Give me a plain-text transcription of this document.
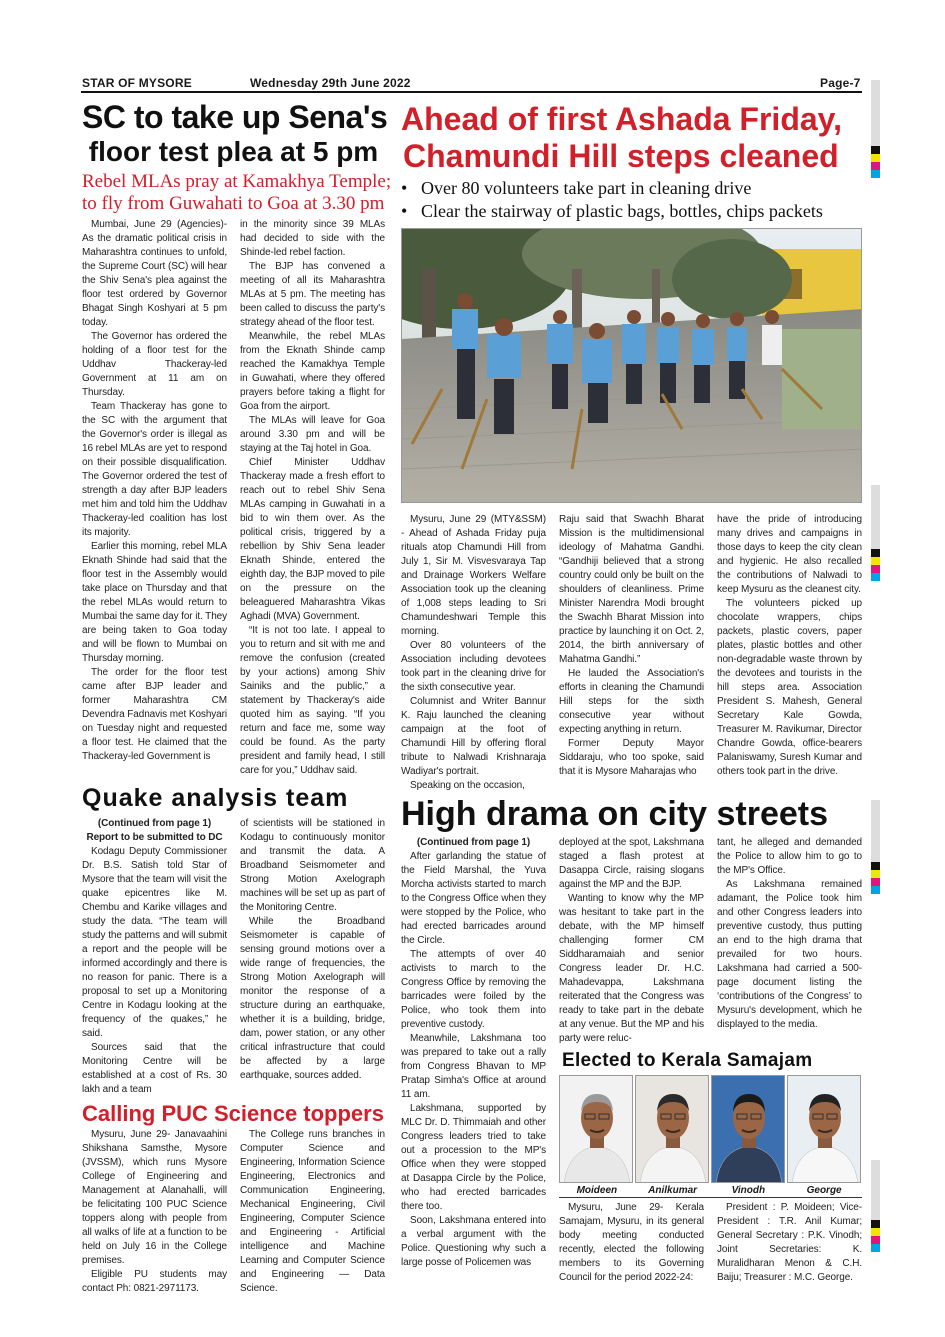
STAR OF MYSORE	Wednesday 29th June 2022	Page-7
SC to take up Sena's
floor test plea at 5 pm
Rebel MLAs pray at Kamakhya Temple;
to fly from Guwahati to Goa at 3.30 pm

Mumbai, June 29 (Agencies)- As the dramatic political crisis in Maharashtra continues to unfold, the Supreme Court (SC) will hear the Shiv Sena's plea against the floor test ordered by Governor Bhagat Singh Koshyari at 5 pm today.

The Governor has ordered the holding of a floor test for the Uddhav Thackeray-led Government at 11 am on Thursday.

Team Thackeray has gone to the SC with the argument that the Governor's order is illegal as 16 rebel MLAs are yet to respond on their possible disqualification. The Governor ordered the test of strength a day after BJP leaders met him and told him the Uddhav Thackeray-led coalition has lost its majority.

Earlier this morning, rebel MLA Eknath Shinde had said that the floor test in the Assembly would take place on Thursday and that the rebel MLAs would return to Mumbai the same day for it. They are being taken to Goa today and will be flown to Mumbai on Thursday morning.

The order for the floor test came after BJP leader and former Maharashtra CM Devendra Fadnavis met Koshyari on Tuesday night and requested a floor test. He claimed that the Thackeray-led Government is

in the minority since 39 MLAs had decided to side with the Shinde-led rebel faction.

The BJP has convened a meeting of all its Maharashtra MLAs at 5 pm. The meeting has been called to discuss the party's strategy ahead of the floor test.

Meanwhile, the rebel MLAs from the Eknath Shinde camp reached the Kamakhya Temple in Guwahati, where they offered prayers before taking a flight for Goa from the airport.

The MLAs will leave for Goa around 3.30 pm and will be staying at the Taj hotel in Goa.

Chief Minister Uddhav Thackeray made a fresh effort to reach out to rebel Shiv Sena MLAs camping in Guwahati in a bid to win them over. As the political crisis, triggered by a rebellion by Shiv Sena leader Eknath Shinde, entered the eighth day, the BJP moved to pile on the pressure on the beleaguered Maharashtra Vikas Aghadi (MVA) Government.

“It is not too late. I appeal to you to return and sit with me and remove the confusion (created by your actions) among Shiv Sainiks and the public,” a statement by Thackeray's aide quoted him as saying. “If you return and face me, some way could be found. As the party president and family head, I still care for you,” Uddhav said.

Quake analysis team

(Continued from page 1)

Report to be submitted to DC

Kodagu Deputy Commissioner Dr. B.S. Satish told Star of Mysore that the team will visit the quake epicentres like M. Chembu and Karike villages and study the data. “The team will study the patterns and will submit a report and the people will be informed accordingly and there is no reason for panic. There is a proposal to set up a Monitoring Centre in Kodagu looking at the frequency of the quakes,” he said.

Sources said that the Monitoring Centre will be established at a cost of Rs. 30 lakh and a team

of scientists will be stationed in Kodagu to continuously monitor and transmit the data. A Broadband Seismometer and Strong Motion Axelograph machines will be set up as part of the Monitoring Centre.

While the Broadband Seismometer is capable of sensing ground motions over a wide range of frequencies, the Strong Motion Axelograph will monitor the response of a structure during an earthquake, whether it is a building, bridge, dam, power station, or any other critical infrastructure that could be affected by a large earthquake, sources added.

Calling PUC Science toppers

Mysuru, June 29- Janavaahini Shikshana Samsthe, Mysore (JVSSM), which runs Mysore College of Engineering and Management at Alanahalli, will be felicitating 100 PUC Science toppers along with people from all walks of life at a function to be held on July 16 in the College premises.

Eligible PU students may contact Ph: 0821-2971173.

The College runs branches in Computer Science and Engineering, Information Science Engineering, Electronics and Communication Engineering, Mechanical Engineering, Civil Engineering, Computer Science and Engineering - Artificial intelligence and Machine Learning and Computer Science and Engineering — Data Science.

Ahead of first Ashada Friday,
Chamundi Hill steps cleaned
• Over 80 volunteers take part in cleaning drive
• Clear the stairway of plastic bags, bottles, chips packets

Mysuru, June 29 (MTY&SSM) - Ahead of Ashada Friday puja rituals atop Chamundi Hill from July 1, Sir M. Visvesvaraya Tap and Drainage Workers Welfare Association took up the cleaning of 1,008 steps leading to Sri Chamundeshwari Temple this morning.

Over 80 volunteers of the Association including devotees took part in the cleaning drive for the sixth consecutive year.

Columnist and Writer Bannur K. Raju launched the cleaning campaign at the foot of Chamundi Hill by offering floral tribute to Nalwadi Krishnaraja Wadiyar's portrait.

Speaking on the occasion,

Raju said that Swachh Bharat Mission is the multidimensional ideology of Mahatma Gandhi. “Gandhiji believed that a strong country could only be built on the shoulders of cleanliness. Prime Minister Narendra Modi brought the Swachh Bharat Mission into practice by launching it on Oct. 2, 2014, the birth anniversary of Mahatma Gandhi.”

He lauded the Association's efforts in cleaning the Chamundi Hill steps for the sixth consecutive year without expecting anything in return.

Former Deputy Mayor Siddaraju, who too spoke, said that it is Mysore Maharajas who

have the pride of introducing many drives and campaigns in those days to keep the city clean and hygienic. He also recalled the contributions of Nalwadi to keep Mysuru as the cleanest city.

The volunteers picked up chocolate wrappers, chips packets, plastic covers, paper plates, plastic bottles and other non-degradable waste thrown by the devotees and tourists in the hill steps area. Association President S. Mahesh, General Secretary Kale Gowda, Treasurer M. Ravikumar, Director Chandre Gowda, office-bearers Palaniswamy, Suresh Kumar and others took part in the drive.

High drama on city streets

(Continued from page 1)

After garlanding the statue of the Field Marshal, the Yuva Morcha activists started to march to the Congress Office when they were stopped by the Police, who had erected barricades around the Circle.

The attempts of over 40 activists to march to the Congress Office by removing the barricades were foiled by the Police, who took them into preventive custody.

Meanwhile, Lakshmana too was prepared to take out a rally from Congress Bhavan to MP Pratap Simha's Office at around 11 am.

Lakshmana, supported by MLC Dr. D. Thimmaiah and other Congress leaders tried to take out a procession to the MP's Office when they were stopped at Dasappa Circle by the Police, who had erected barricades there too.

Soon, Lakshmana entered into a verbal argument with the Police. Questioning why such a large posse of Policemen was

deployed at the spot, Lakshmana staged a flash protest at Dasappa Circle, raising slogans against the MP and the BJP.

Wanting to know why the MP was hesitant to take part in the debate, with the MP himself challenging former CM Siddharamaiah and senior Congress leader Dr. H.C. Mahadevappa, Lakshmana reiterated that the Congress was ready to take part in the debate at any venue. But the MP and his party were reluc-

tant, he alleged and demanded the Police to allow him to go to the MP's Office.

As Lakshmana remained adamant, the Police took him and other Congress leaders into preventive custody, thus putting an end to the high drama that prevailed for two hours. Lakshmana had carried a 500-page document listing the ‘contributions of the Congress’ to Mysuru's development, which he displayed to the media.

Elected to Kerala Samajam
Moideen	Anilkumar	Vinodh	George

Mysuru, June 29- Kerala Samajam, Mysuru, in its general body meeting conducted recently, elected the following members to its Governing Council for the period 2022-24:

President : P. Moideen; Vice-President : T.R. Anil Kumar; General Secretary : P.K. Vinodh; Joint Secretaries: K. Muralidharan Menon & C.H. Baiju; Treasurer : M.C. George.
